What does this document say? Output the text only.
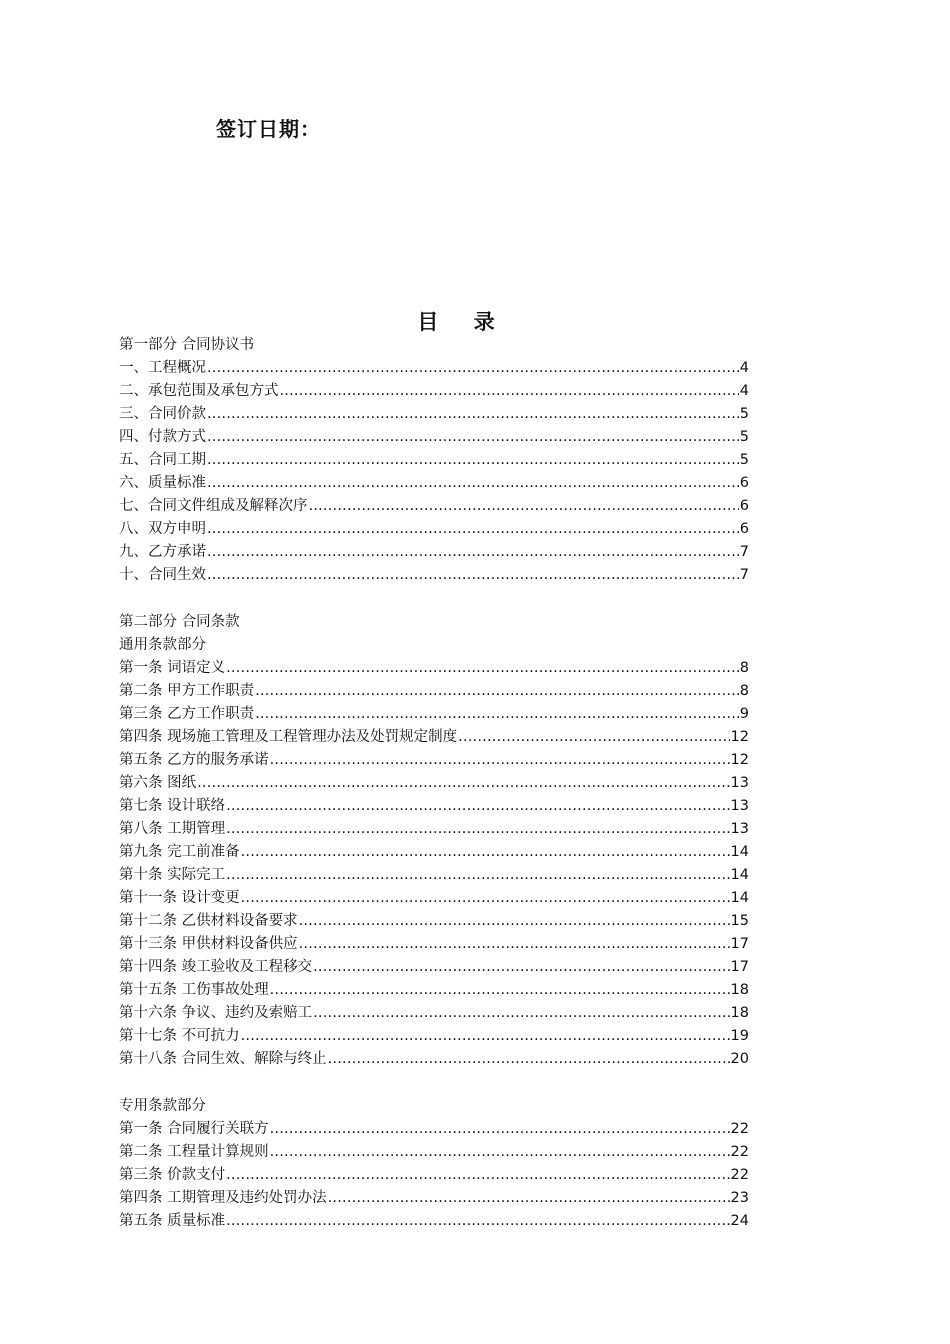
签订日期：
目 录
第一部分 合同协议书
一、 工程概况 .....	4
二、 承包范围及承包方式 .....	4
三、 合同价款 .....	5
四、 付款方式 .....	5
五、 合同工期 .....	5
六、 质量标准 .....	6
七、 合同文件组成及解释次序 .....	6
八、 双方申明 .....	6
九、 乙方承诺 .....	7
十、 合同生效 .....	7
第二部分 合同条款
通用条款部分
第一条 词语定义 .....	8
第二条 甲方工作职责 .....	8
第三条 乙方工作职责 .....	9
第四条 现场施工管理及工程管理办法及处罚规定制度 .....	12
第五条 乙方的服务承诺 .....	12
第六条 图纸 .....	13
第七条 设计联络 .....	13
第八条 工期管理 .....	13
第九条 完工前准备 .....	14
第十条 实际完工 .....	14
第十一条 设计变更 .....	14
第十二条 乙供材料设备要求 .....	15
第十三条 甲供材料设备供应 .....	17
第十四条 竣工验收及工程移交 .....	17
第十五条 工伤事故处理 .....	18
第十六条 争议、违约及索赔工 .....	18
第十七条 不可抗力 .....	19
第十八条 合同生效、解除与终止 .....	20
专用条款部分
第一条 合同履行关联方 .....	22
第二条 工程量计算规则 .....	22
第三条 价款支付 .....	22
第四条 工期管理及违约处罚办法 .....	23
第五条 质量标准 .....	24
